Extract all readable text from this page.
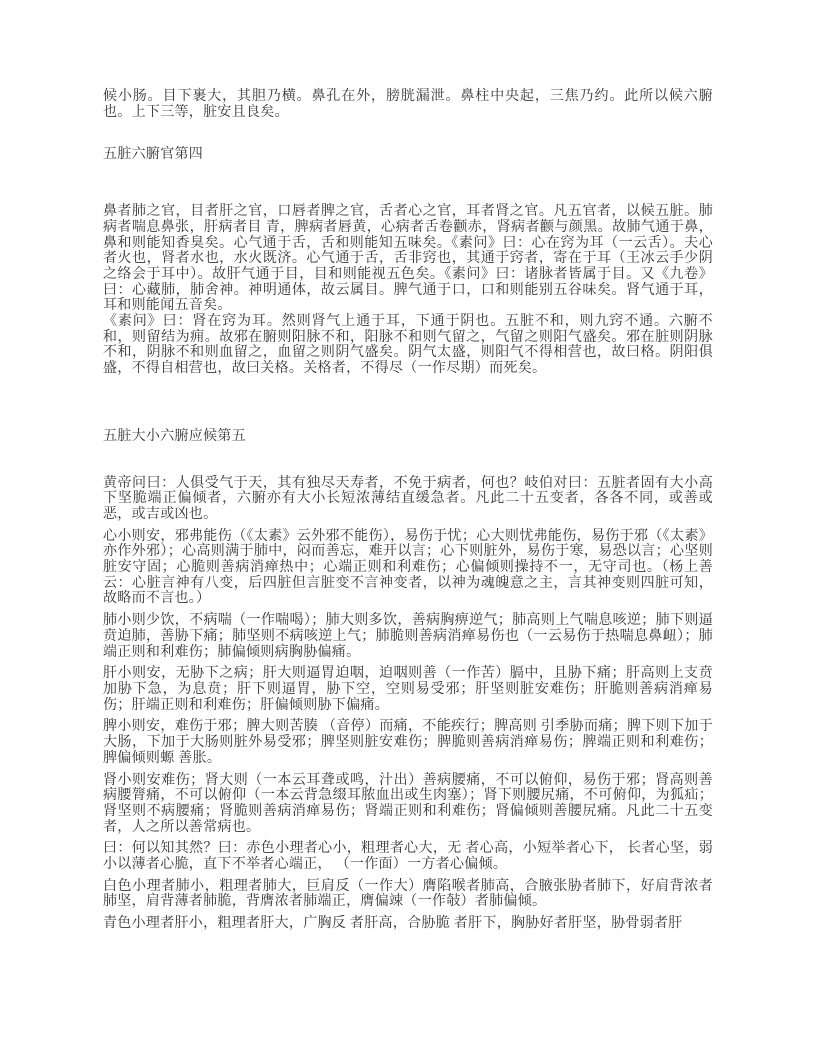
候小肠。目下裹大，其胆乃横。鼻孔在外，膀胱漏泄。鼻柱中央起，三焦乃约。此所以候六腑也。上下三等，脏安且良矣。

五脏六腑官第四

鼻者肺之官，目者肝之官，口唇者脾之官，舌者心之官，耳者肾之官。凡五官者，以候五脏。肺病者喘息鼻张，肝病者目 青，脾病者唇黄，心病者舌卷颧赤，肾病者颧与颜黑。故肺气通于鼻，鼻和则能知香臭矣。心气通于舌，舌和则能知五味矣。《素问》曰：心在窍为耳（一云舌）。夫心者火也，肾者水也，水火既济。心气通于舌，舌非窍也，其通于窍者，寄在于耳（王冰云手少阴之络会于耳中）。故肝气通于目，目和则能视五色矣。《素问》曰：诸脉者皆属于目。又《九卷》曰：心藏肺，肺舍神。神明通体，故云属目。脾气通于口，口和则能别五谷味矣。肾气通于耳，耳和则能闻五音矣。

《素问》曰：肾在窍为耳。然则肾气上通于耳，下通于阴也。五脏不和，则九窍不通。六腑不和，则留结为痈。故邪在腑则阳脉不和，阳脉不和则气留之，气留之则阳气盛矣。邪在脏则阴脉不和，阴脉不和则血留之，血留之则阴气盛矣。阴气太盛，则阳气不得相营也，故曰格。阴阳俱盛，不得自相营也，故曰关格。关格者，不得尽（一作尽期）而死矣。

五脏大小六腑应候第五

黄帝问曰：人俱受气于天，其有独尽天寿者，不免于病者，何也？岐伯对曰：五脏者固有大小高下坚脆端正偏倾者，六腑亦有大小长短浓薄结直缓急者。凡此二十五变者，各各不同，或善或恶，或吉或凶也。

心小则安，邪弗能伤（《太素》云外邪不能伤），易伤于忧；心大则忧弗能伤，易伤于邪（《太素》亦作外邪）；心高则满于肺中，闷而善忘，难开以言；心下则脏外，易伤于寒，易恐以言；心坚则脏安守固；心脆则善病消瘅热中；心端正则和利难伤；心偏倾则操持不一，无守司也。（杨上善云：心脏言神有八变，后四脏但言脏变不言神变者，以神为魂魄意之主，言其神变则四脏可知，故略而不言也。）

肺小则少饮，不病喘（一作喘喝）；肺大则多饮，善病胸痹逆气；肺高则上气喘息咳逆；肺下则逼贲迫肺，善胁下痛；肺坚则不病咳逆上气；肺脆则善病消瘅易伤也（一云易伤于热喘息鼻衄）；肺端正则和利难伤；肺偏倾则病胸胁偏痛。

肝小则安，无胁下之病；肝大则逼胃迫咽，迫咽则善（一作苦）膈中，且胁下痛；肝高则上支贲加胁下急，为息贲；肝下则逼胃，胁下空，空则易受邪；肝坚则脏安难伤；肝脆则善病消瘅易伤；肝端正则和利难伤；肝偏倾则胁下偏痛。

脾小则安，难伤于邪；脾大则苦腠 （音停）而痛，不能疾行；脾高则 引季胁而痛；脾下则下加于大肠，下加于大肠则脏外易受邪；脾坚则脏安难伤；脾脆则善病消瘅易伤；脾端正则和利难伤；脾偏倾则螈 善胀。

肾小则安难伤；肾大则（一本云耳聋或鸣，汁出）善病腰痛，不可以俯仰，易伤于邪；肾高则善病腰膂痛，不可以俯仰（一本云背急缀耳脓血出或生肉塞）；肾下则腰尻痛，不可俯仰，为狐疝；肾坚则不病腰痛；肾脆则善病消瘅易伤；肾端正则和利难伤；肾偏倾则善腰尻痛。凡此二十五变者，人之所以善常病也。

曰：何以知其然？曰：赤色小理者心小，粗理者心大，无 者心高，小短举者心下， 长者心坚，弱小以薄者心脆，直下不举者心端正， （一作面）一方者心偏倾。

白色小理者肺小，粗理者肺大，巨肩反（一作大）膺陷喉者肺高，合腋张胁者肺下，好肩背浓者肺坚，肩背薄者肺脆，背膺浓者肺端正，膺偏竦（一作敧）者肺偏倾。

青色小理者肝小，粗理者肝大，广胸反 者肝高，合胁脆 者肝下，胸胁好者肝坚，胁骨弱者肝
